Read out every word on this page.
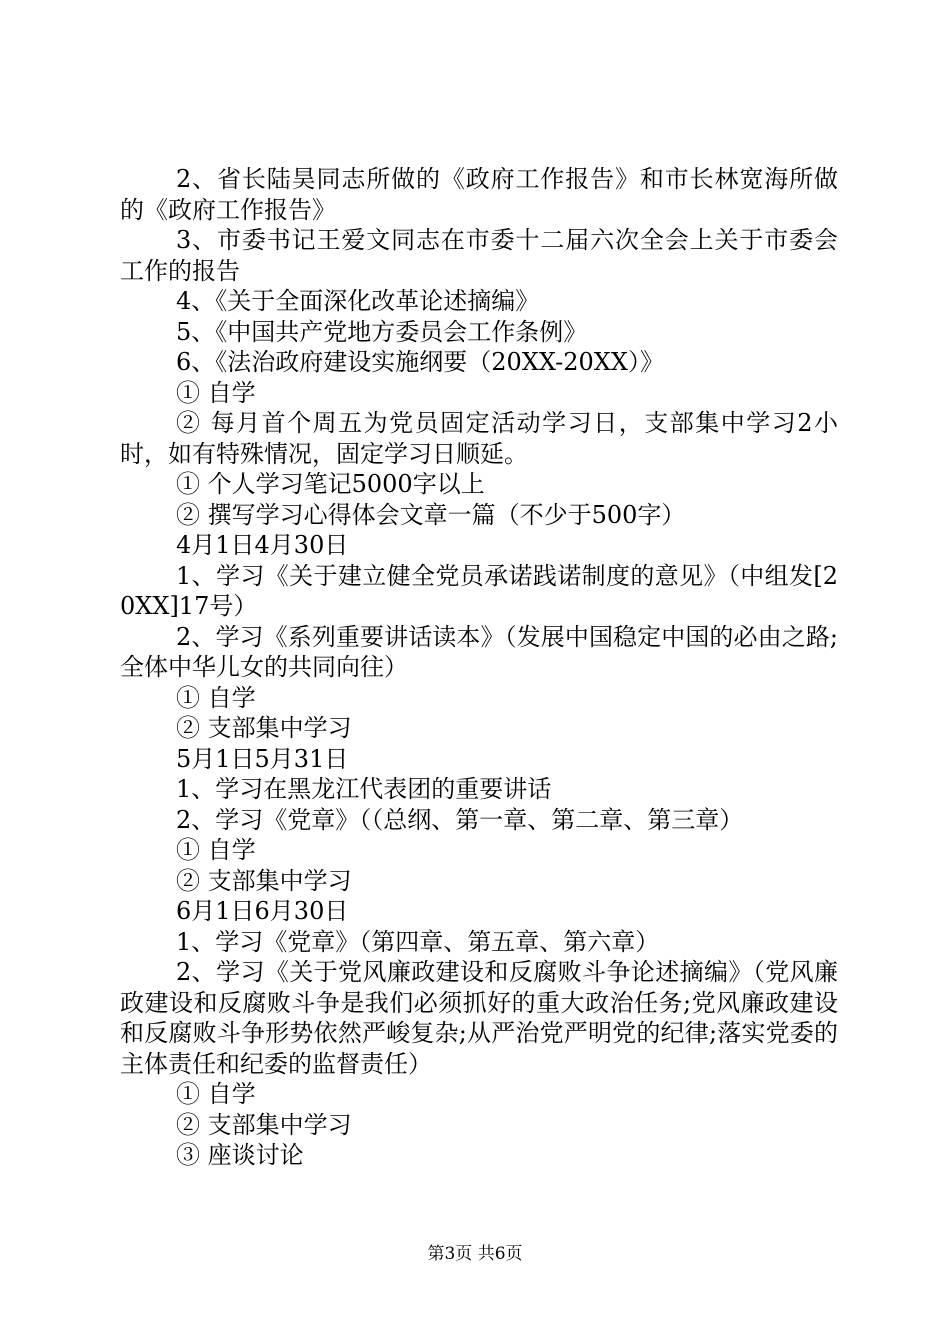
2、省长陆昊同志所做的《政府工作报告》和市长林宽海所做的《政府工作报告》

3、市委书记王爱文同志在市委十二届六次全会上关于市委会工作的报告

4、《关于全面深化改革论述摘编》

5、《中国共产党地方委员会工作条例》

6、《法治政府建设实施纲要（20XX-20XX）》

① 自学

② 每月首个周五为党员固定活动学习日，支部集中学习2小时，如有特殊情况，固定学习日顺延。

① 个人学习笔记5000字以上

② 撰写学习心得体会文章一篇（不少于500字）

4月1日4月30日

1、学习《关于建立健全党员承诺践诺制度的意见》（中组发[20XX]17号）

2、学习《系列重要讲话读本》（发展中国稳定中国的必由之路;全体中华儿女的共同向往）

① 自学

② 支部集中学习

5月1日5月31日

1、学习在黑龙江代表团的重要讲话

2、学习《党章》（（总纲、第一章、第二章、第三章）

① 自学

② 支部集中学习

6月1日6月30日

1、学习《党章》（第四章、第五章、第六章）

2、学习《关于党风廉政建设和反腐败斗争论述摘编》（党风廉政建设和反腐败斗争是我们必须抓好的重大政治任务;党风廉政建设和反腐败斗争形势依然严峻复杂;从严治党严明党的纪律;落实党委的主体责任和纪委的监督责任）

① 自学

② 支部集中学习

③ 座谈讨论

第3页 共6页
